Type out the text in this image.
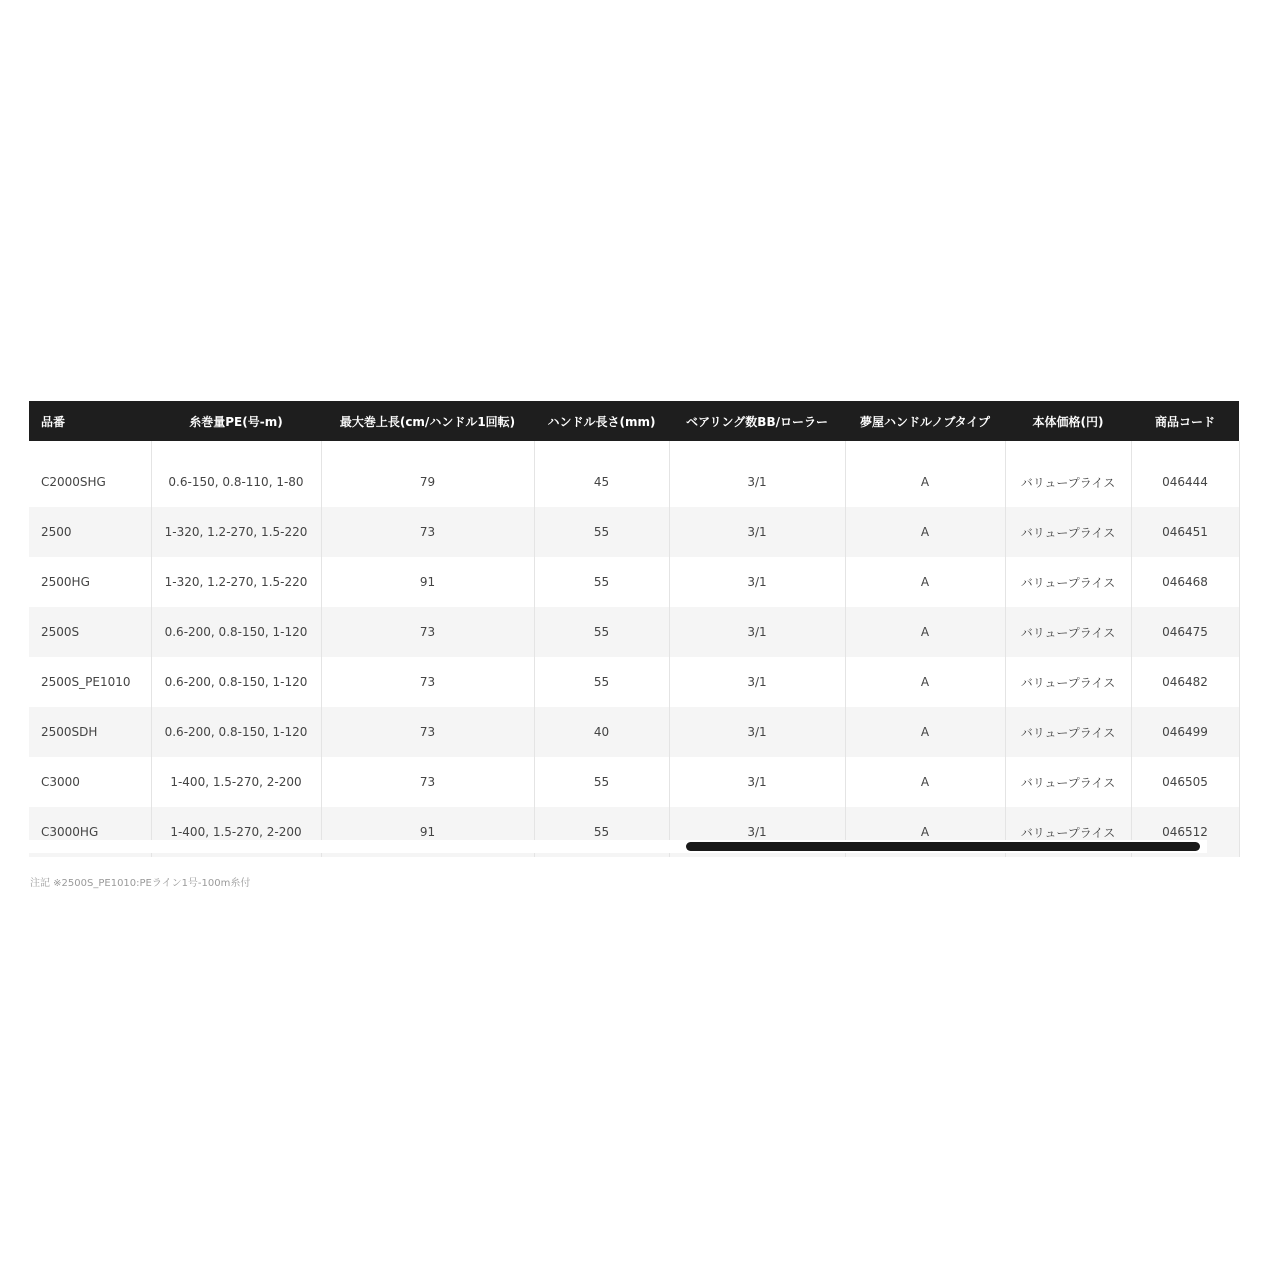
品番	糸巻量PE(号-m)	最大巻上長(cm/ハンドル1回転)	ハンドル長さ(mm)	ベアリング数BB/ローラー	夢屋ハンドルノブタイプ	本体価格(円)	商品コード

C2000SHG	0.6-150, 0.8-110, 1-80	79	45	3/1	A	バリュープライス	046444
2500	1-320, 1.2-270, 1.5-220	73	55	3/1	A	バリュープライス	046451
2500HG	1-320, 1.2-270, 1.5-220	91	55	3/1	A	バリュープライス	046468
2500S	0.6-200, 0.8-150, 1-120	73	55	3/1	A	バリュープライス	046475
2500S_PE1010	0.6-200, 0.8-150, 1-120	73	55	3/1	A	バリュープライス	046482
2500SDH	0.6-200, 0.8-150, 1-120	73	40	3/1	A	バリュープライス	046499
C3000	1-400, 1.5-270, 2-200	73	55	3/1	A	バリュープライス	046505
C3000HG	1-400, 1.5-270, 2-200	91	55	3/1	A	バリュープライス	046512
注記 ※2500S_PE1010:PEライン1号-100m糸付
